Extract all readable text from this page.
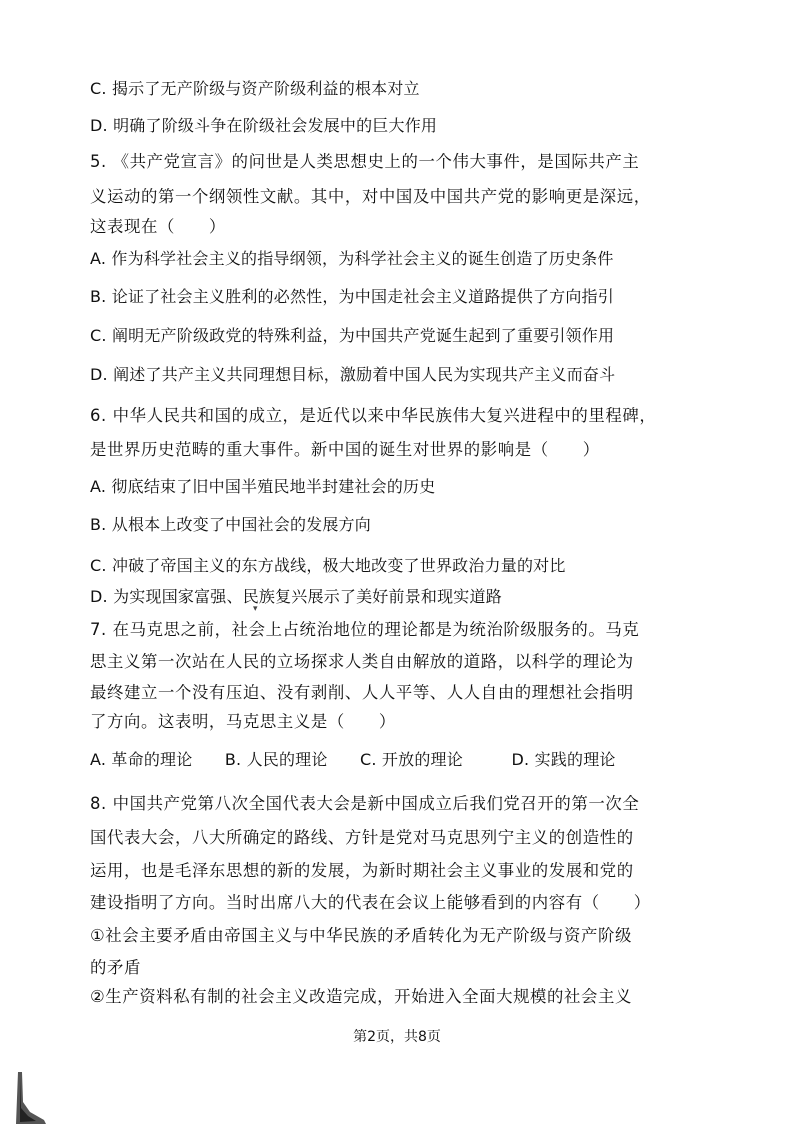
C. 揭示了无产阶级与资产阶级利益的根本对立
D. 明确了阶级斗争在阶级社会发展中的巨大作用
5. 《共产党宣言》的问世是人类思想史上的一个伟大事件，是国际共产主
义运动的第一个纲领性文献。其中，对中国及中国共产党的影响更是深远，
这表现在（　　）
A. 作为科学社会主义的指导纲领，为科学社会主义的诞生创造了历史条件
B. 论证了社会主义胜利的必然性，为中国走社会主义道路提供了方向指引
C. 阐明无产阶级政党的特殊利益，为中国共产党诞生起到了重要引领作用
D. 阐述了共产主义共同理想目标，激励着中国人民为实现共产主义而奋斗
6. 中华人民共和国的成立，是近代以来中华民族伟大复兴进程中的里程碑，
是世界历史范畴的重大事件。新中国的诞生对世界的影响是（　　）
A. 彻底结束了旧中国半殖民地半封建社会的历史
B. 从根本上改变了中国社会的发展方向
C. 冲破了帝国主义的东方战线，极大地改变了世界政治力量的对比
D. 为实现国家富强、民族复兴展示了美好前景和现实道路
▾
7. 在马克思之前，社会上占统治地位的理论都是为统治阶级服务的。马克
思主义第一次站在人民的立场探求人类自由解放的道路，以科学的理论为
最终建立一个没有压迫、没有剥削、人人平等、人人自由的理想社会指明
了方向。这表明，马克思主义是（　　）
A. 革命的理论　　B. 人民的理论　　C. 开放的理论　　　D. 实践的理论
8. 中国共产党第八次全国代表大会是新中国成立后我们党召开的第一次全
国代表大会，八大所确定的路线、方针是党对马克思列宁主义的创造性的
运用，也是毛泽东思想的新的发展，为新时期社会主义事业的发展和党的
建设指明了方向。当时出席八大的代表在会议上能够看到的内容有（　　）
①社会主要矛盾由帝国主义与中华民族的矛盾转化为无产阶级与资产阶级
的矛盾
②生产资料私有制的社会主义改造完成，开始进入全面大规模的社会主义
第2页，共8页
